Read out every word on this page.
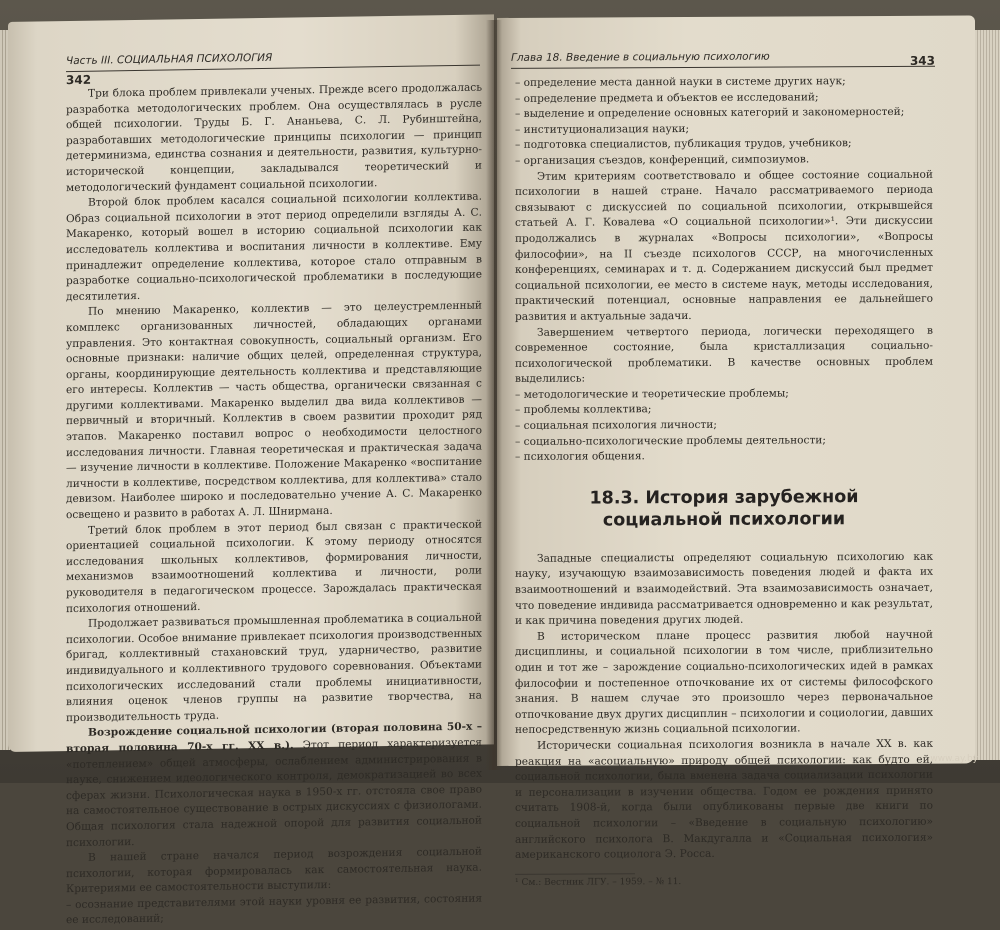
Часть III. СОЦИАЛЬНАЯ ПСИХОЛОГИЯ
342

Три блока проблем привлекали ученых. Прежде всего продолжалась разработка методологических проблем. Она осуществлялась в русле общей психологии. Труды Б. Г. Ананьева, С. Л. Рубинштейна, разработавших методологические принципы психологии — принцип детерминизма, единства сознания и деятельности, развития, культурно-исторической концепции, закладывался теоретический и методологический фундамент социальной психологии.

Второй блок проблем касался социальной психологии коллектива. Образ социальной психологии в этот период определили взгляды А. С. Макаренко, который вошел в историю социальной психологии как исследователь коллектива и воспитания личности в коллективе. Ему принадлежит определение коллектива, которое стало отправным в разработке социально-психологической проблематики в последующие десятилетия.

По мнению Макаренко, коллектив — это целеустремленный комплекс организованных личностей, обладающих органами управления. Это контактная совокупность, социальный организм. Его основные признаки: наличие общих целей, определенная структура, органы, координирующие деятельность коллектива и представляющие его интересы. Коллектив — часть общества, органически связанная с другими коллективами. Макаренко выделил два вида коллективов — первичный и вторичный. Коллектив в своем развитии проходит ряд этапов. Макаренко поставил вопрос о необходимости целостного исследования личности. Главная теоретическая и практическая задача — изучение личности в коллективе. Положение Макаренко «воспитание личности в коллективе, посредством коллектива, для коллектива» стало девизом. Наиболее широко и последовательно учение А. С. Макаренко освещено и развито в работах А. Л. Шнирмана.

Третий блок проблем в этот период был связан с практической ориентацией социальной психологии. К этому периоду относятся исследования школьных коллективов, формирования личности, механизмов взаимоотношений коллектива и личности, роли руководителя в педагогическом процессе. Зарождалась практическая психология отношений.

Продолжает развиваться промышленная проблематика в социальной психологии. Особое внимание привлекает психология производственных бригад, коллективный стахановский труд, ударничество, развитие индивидуального и коллективного трудового соревнования. Объектами психологических исследований стали проблемы инициативности, влияния оценок членов группы на развитие творчества, на производительность труда.

Возрождение социальной психологии (вторая половина 50-х – вторая половина 70-х гг. XX в.). Этот период характеризуется «потеплением» общей атмосферы, ослаблением администрирования в науке, снижением идеологического контроля, демократизацией во всех сферах жизни. Психологическая наука в 1950-х гг. отстояла свое право на самостоятельное существование в острых дискуссиях с физиологами. Общая психология стала надежной опорой для развития социальной психологии.

В нашей стране начался период возрождения социальной психологии, которая формировалась как самостоятельная наука. Критериями ее самостоятельности выступили:

– осознание представителями этой науки уровня ее развития, состояния ее исследований;

Глава 18. Введение в социальную психологию	343

– определение места данной науки в системе других наук;

– определение предмета и объектов ее исследований;

– выделение и определение основных категорий и закономерностей;

– институционализация науки;

– подготовка специалистов, публикация трудов, учебников;

– организация съездов, конференций, симпозиумов.

Этим критериям соответствовало и общее состояние социальной психологии в нашей стране. Начало рассматриваемого периода связывают с дискуссией по социальной психологии, открывшейся статьей А. Г. Ковалева «О социальной психологии»¹. Эти дискуссии продолжались в журналах «Вопросы психологии», «Вопросы философии», на II съезде психологов СССР, на многочисленных конференциях, семинарах и т. д. Содержанием дискуссий был предмет социальной психологии, ее место в системе наук, методы исследования, практический потенциал, основные направления ее дальнейшего развития и актуальные задачи.

Завершением четвертого периода, логически переходящего в современное состояние, была кристаллизация социально-психологической проблематики. В качестве основных проблем выделились:

– методологические и теоретические проблемы;

– проблемы коллектива;

– социальная психология личности;

– социально-психологические проблемы деятельности;

– психология общения.

18.3. История зарубежной
социальной психологии

Западные специалисты определяют социальную психологию как науку, изучающую взаимозависимость поведения людей и факта их взаимоотношений и взаимодействий. Эта взаимозависимость означает, что поведение индивида рассматривается одновременно и как результат, и как причина поведения других людей.

В историческом плане процесс развития любой научной дисциплины, и социальной психологии в том числе, приблизительно один и тот же – зарождение социально-психологических идей в рамках философии и постепенное отпочкование их от системы философского знания. В нашем случае это произошло через первоначальное отпочкование двух других дисциплин – психологии и социологии, давших непосредственную жизнь социальной психологии.

Исторически социальная психология возникла в начале XX в. как реакция на «асоциальную» природу общей психологии: как будто ей, социальной психологии, была вменена задача социализации психологии и персонализации в изучении общества. Годом ее рождения принято считать 1908-й, когда были опубликованы первые две книги по социальной психологии – «Введение в социальную психологию» английского психолога В. Макдугалла и «Социальная психология» американского социолога Э. Росса.

¹ См.: Вестник ЛГУ. – 1959. – № 11.

www.ay.by
